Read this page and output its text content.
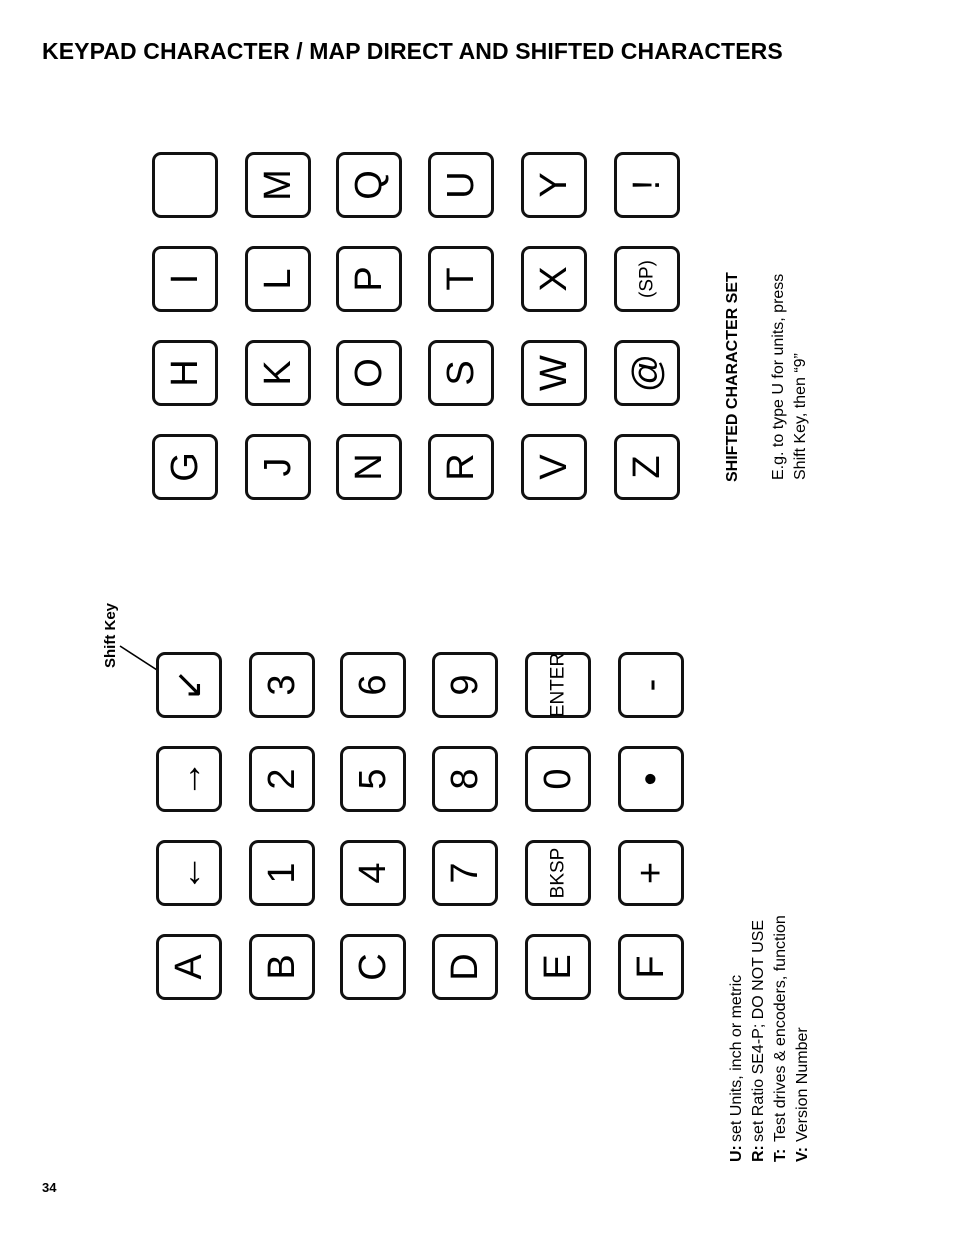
KEYPAD CHARACTER / MAP DIRECT AND SHIFTED CHARACTERS
Shift Key
SHIFTED CHARACTER SET E.g. to type U for units, press Shift Key, then “9”
U:set Units, inch or metric
R:set Ratio SE4-P; DO NOT USE
T:Test drives & encoders, function
V:Version Number
34
I
H
G
M
L
K
J
Q
P
O
N
U
T
S
R
Y
X
W
V
!
(SP)
@
Z
↙
→
←
A
3
2
1
B
6
5
4
C
9
8
7
D
ENTER
0
BKSP
E
-
•
+
F
